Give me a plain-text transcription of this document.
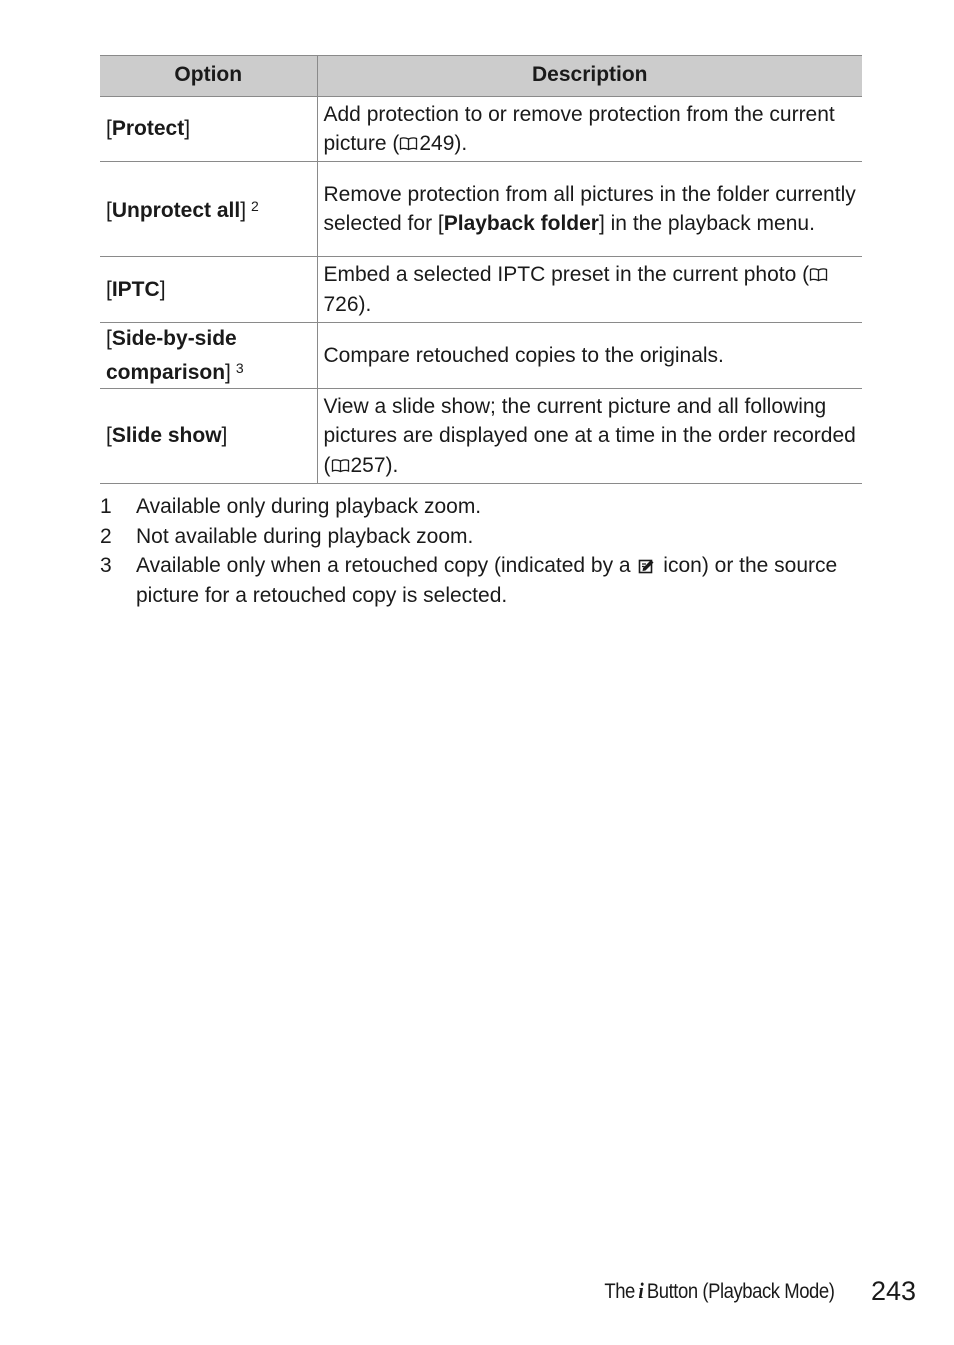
Option	Description
[Protect]	Add protection to or remove protection from the current picture ( 249).
[Unprotect all] $^2$	Remove protection from all pictures in the folder currently selected for [Playback folder] in the playback menu.
[IPTC]	Embed a selected IPTC preset in the current photo (726).
[Side-by-side comparison] $^3$	Compare retouched copies to the originals.
[Slide show]	View a slide show; the current picture and all following pictures are displayed one at a time in the order recorded ( 257).
1 Available only during playback zoom.
2 Not available during playback zoom.
3 Available only when a retouched copy (indicated by a icon) or the source picture for a retouched copy is selected.
The i Button (Playback Mode) 243
